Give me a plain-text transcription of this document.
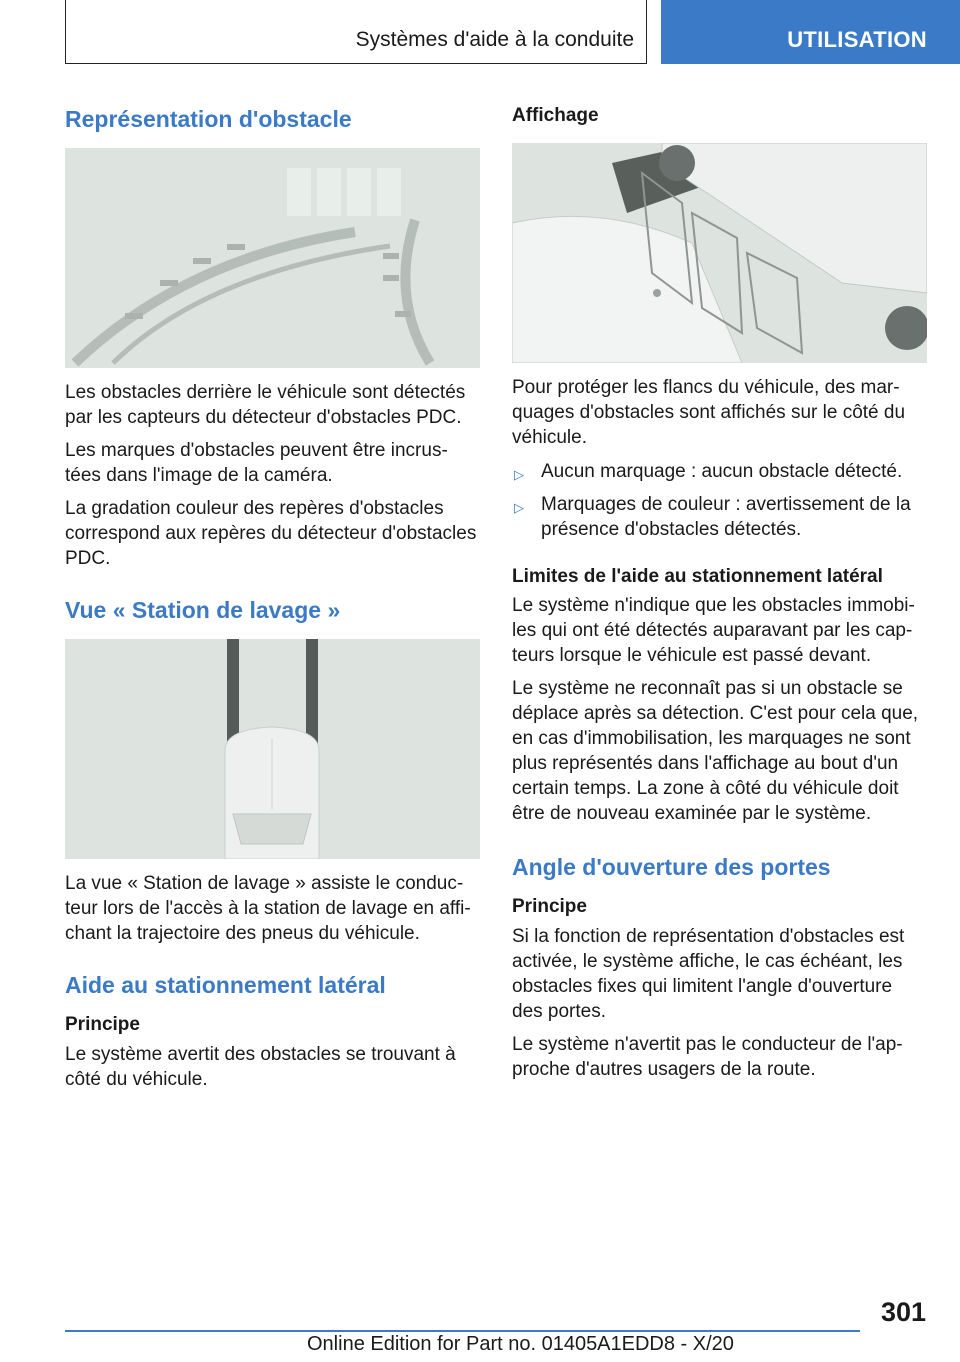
Systèmes d'aide à la conduite	UTILISATION
Représentation d'obstacle

Les obstacles derrière le véhicule sont détectés par les capteurs du détecteur d'obstacles PDC.

Les marques d'obstacles peuvent être incrus-tées dans l'image de la caméra.

La gradation couleur des repères d'obstacles correspond aux repères du détecteur d'obstacles PDC.

Vue « Station de lavage »

La vue « Station de lavage » assiste le conduc-teur lors de l'accès à la station de lavage en affi-chant la trajectoire des pneus du véhicule.

Aide au stationnement latéral
Principe

Le système avertit des obstacles se trouvant à côté du véhicule.

Affichage

Pour protéger les flancs du véhicule, des mar-quages d'obstacles sont affichés sur le côté du véhicule.

▷ Aucun marquage : aucun obstacle détecté.
▷ Marquages de couleur : avertissement de la présence d'obstacles détectés.
Limites de l'aide au stationnement latéral

Le système n'indique que les obstacles immobi-les qui ont été détectés auparavant par les cap-teurs lorsque le véhicule est passé devant.

Le système ne reconnaît pas si un obstacle se déplace après sa détection. C'est pour cela que, en cas d'immobilisation, les marquages ne sont plus représentés dans l'affichage au bout d'un certain temps. La zone à côté du véhicule doit être de nouveau examinée par le système.

Angle d'ouverture des portes
Principe

Si la fonction de représentation d'obstacles est activée, le système affiche, le cas échéant, les obstacles fixes qui limitent l'angle d'ouverture des portes.

Le système n'avertit pas le conducteur de l'ap-proche d'autres usagers de la route.

301
Online Edition for Part no. 01405A1EDD8 - X/20
